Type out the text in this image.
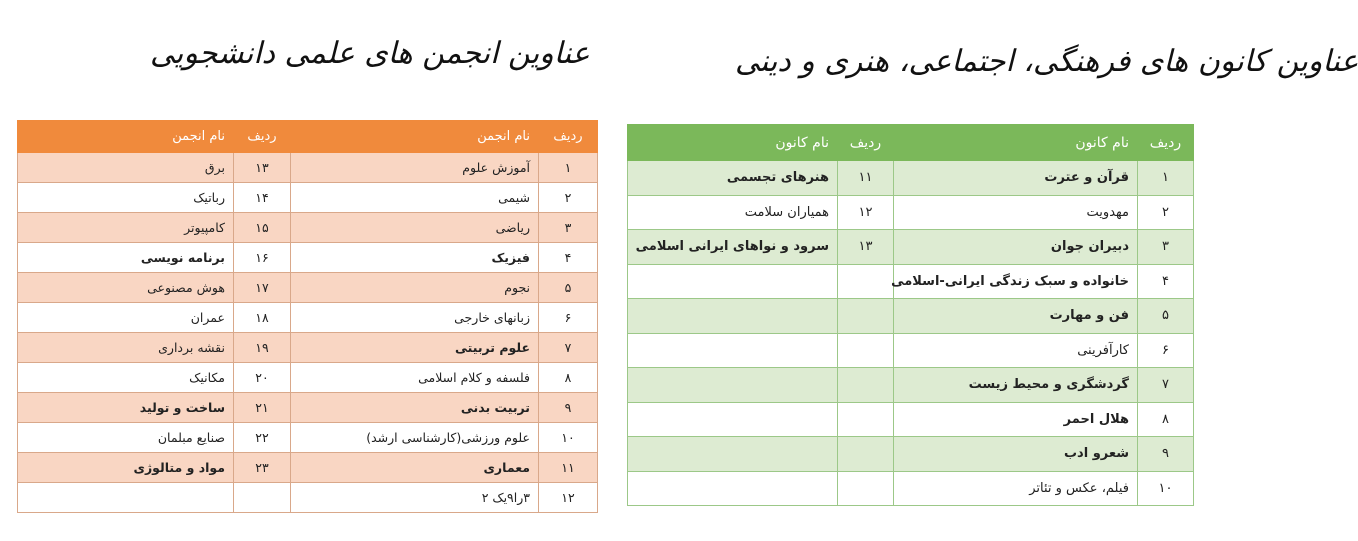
عناوین انجمن های علمی دانشجویی	عناوین کانون های فرهنگی، اجتماعی، هنری و دینی
نام انجمن	ردیف	نام انجمن	ردیف
برق	۱۳	آموزش علوم	۱
رباتیک	۱۴	شیمی	۲
کامپیوتر	۱۵	ریاضی	۳
برنامه نویسی	۱۶	فیزیک	۴
هوش مصنوعی	۱۷	نجوم	۵
عمران	۱۸	زبانهای خارجی	۶
نقشه برداری	۱۹	علوم تربیتی	۷
مکانیک	۲۰	فلسفه و کلام اسلامی	۸
ساخت و تولید	۲۱	تربیت بدنی	۹
صنایع مبلمان	۲۲	علوم ورزشی(کارشناسی ارشد)	۱۰
مواد و متالوژی	۲۳	معماری	۱۱
		۳را۹یک ۲	۱۲
نام کانون	ردیف	نام کانون	ردیف
هنرهای تجسمی	۱۱	قرآن و عترت	۱
همیاران سلامت	۱۲	مهدویت	۲
سرود و نواهای ایرانی اسلامی	۱۳	دبیران جوان	۳
		خانواده و سبک زندگی ایرانی-اسلامی	۴
		فن و مهارت	۵
		کارآفرینی	۶
		گردشگری و محیط زیست	۷
		هلال احمر	۸
		شعرو ادب	۹
		فیلم، عکس و تئاتر	۱۰
